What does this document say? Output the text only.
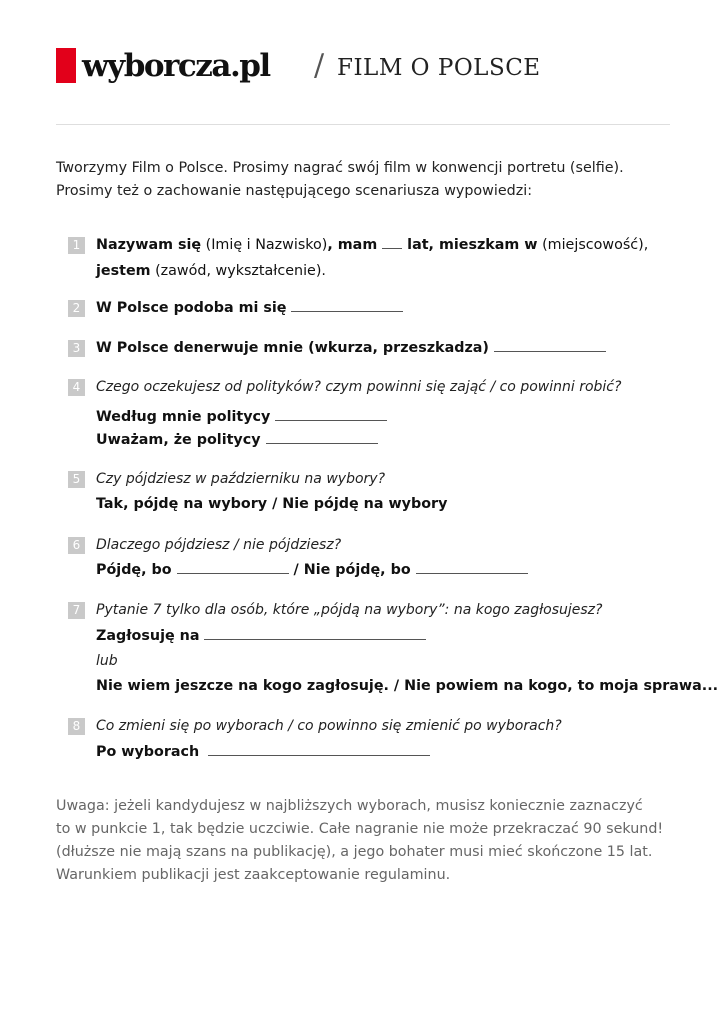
wyborcza.pl / FILM O POLSCE
Tworzymy Film o Polsce. Prosimy nagrać swój film w konwencji portretu (selfie).
Prosimy też o zachowanie następującego scenariusza wypowiedzi:
1	Nazywam się (Imię i Nazwisko), mam  lat, mieszkam w (miejscowość),
jestem (zawód, wykształcenie).
2	W Polsce podoba mi się
3	W Polsce denerwuje mnie (wkurza, przeszkadza)
4	Czego oczekujesz od polityków? czym powinni się zająć / co powinni robić?
Według mnie politycy
Uważam, że politycy
5	Czy pójdziesz w październiku na wybory?
Tak, pójdę na wybory / Nie pójdę na wybory
6	Dlaczego pójdziesz / nie pójdziesz?
Pójdę, bo	/ Nie pójdę, bo
7	Pytanie 7 tylko dla osób, które „pójdą na wybory”: na kogo zagłosujesz?
Zagłosuję na
lub
Nie wiem jeszcze na kogo zagłosuję. / Nie powiem na kogo, to moja sprawa...
8	Co zmieni się po wyborach / co powinno się zmienić po wyborach?
Po wyborach

Uwaga: jeżeli kandydujesz w najbliższych wyborach, musisz koniecznie zaznaczyć

to w punkcie 1, tak będzie uczciwie. Całe nagranie nie może przekraczać 90 sekund!

(dłuższe nie mają szans na publikację), a jego bohater musi mieć skończone 15 lat.

Warunkiem publikacji jest zaakceptowanie regulaminu.
